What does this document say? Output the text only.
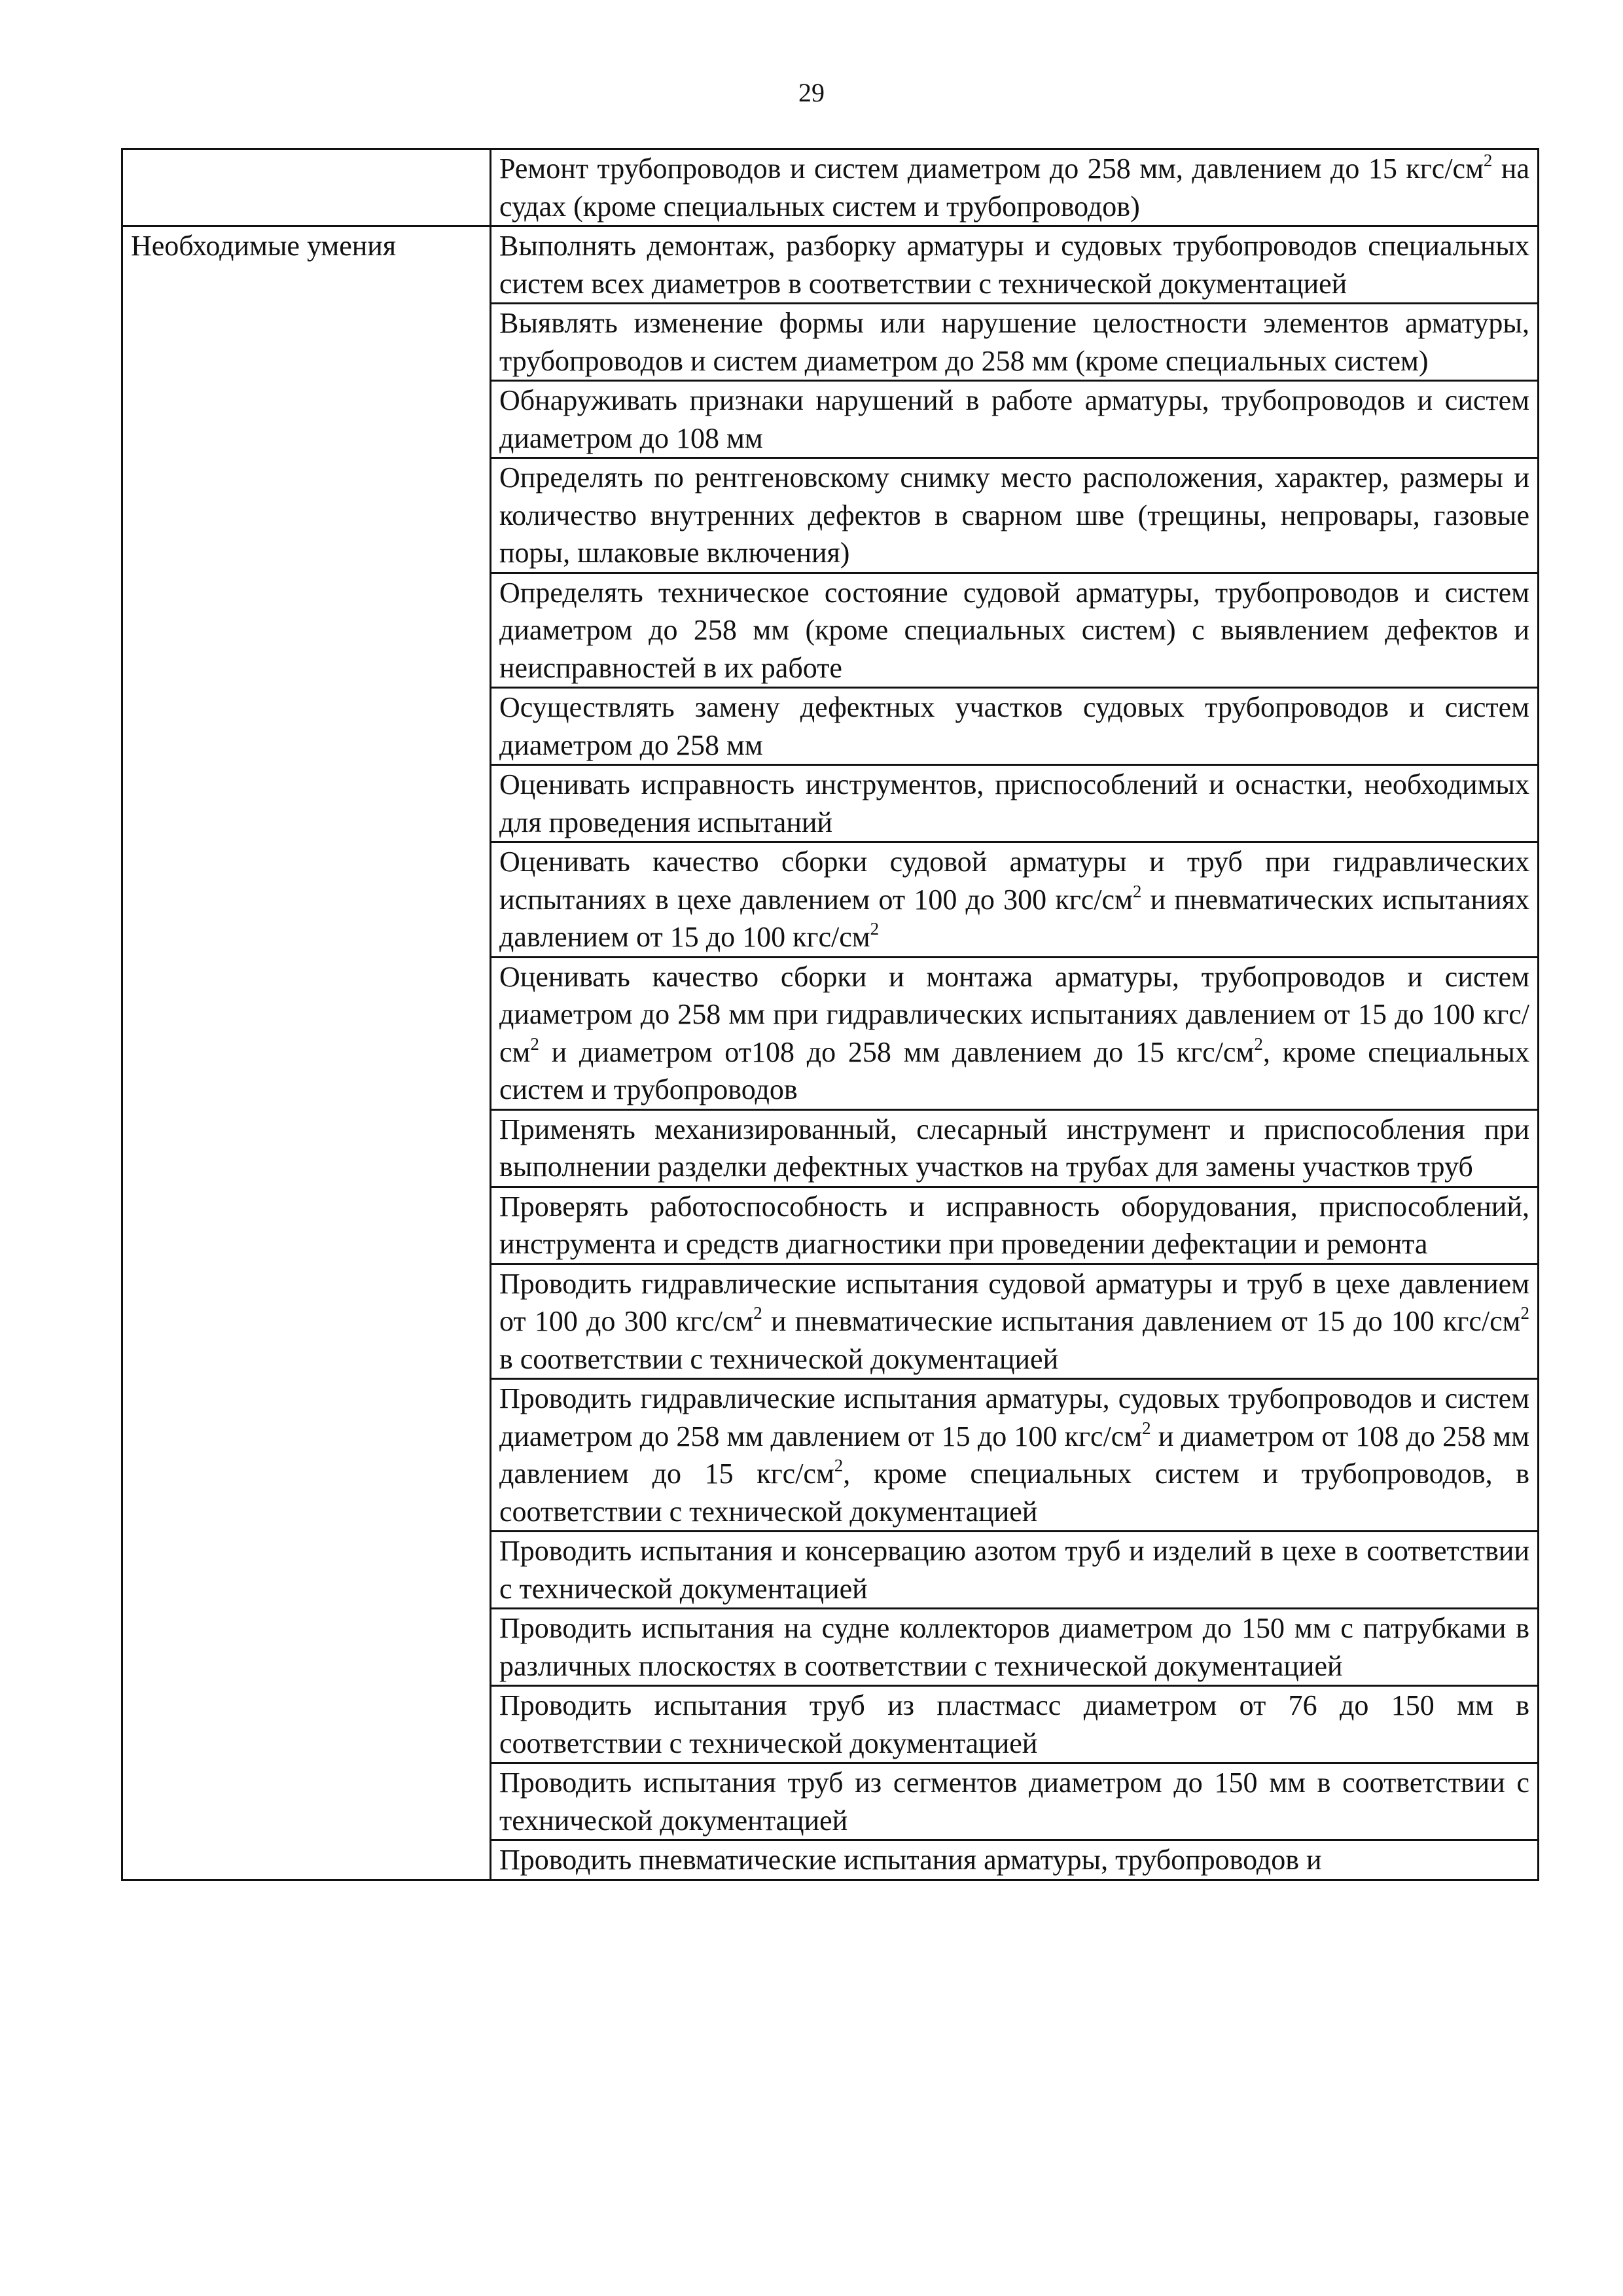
29
	Ремонт трубопроводов и систем диаметром до 258 мм, давлением до 15 кгс/$см^2$ на судах (кроме специальных систем и трубопроводов)
Необходимые умения	Выполнять демонтаж, разборку арматуры и судовых трубопроводов специальных систем всех диаметров в соответствии с технической документацией
	Выявлять изменение формы или нарушение целостности элементов арматуры, трубопроводов и систем диаметром до 258 мм (кроме специальных систем)
	Обнаруживать признаки нарушений в работе арматуры, трубопроводов и систем диаметром до 108 мм
	Определять по рентгеновскому снимку место расположения, характер, размеры и количество внутренних дефектов в сварном шве (трещины, непровары, газовые поры, шлаковые включения)
	Определять техническое состояние судовой арматуры, трубопроводов и систем диаметром до 258 мм (кроме специальных систем) с выявлением дефектов и неисправностей в их работе
	Осуществлять замену дефектных участков судовых трубопроводов и систем диаметром до 258 мм
	Оценивать исправность инструментов, приспособлений и оснастки, необходимых для проведения испытаний
	Оценивать качество сборки судовой арматуры и труб при гидравлических испытаниях в цехе давлением от 100 до 300 кгс/$см^2$ и пневматических испытаниях давлением от 15 до 100 кгс/$см^2$
	Оценивать качество сборки и монтажа арматуры, трубопроводов и систем диаметром до 258 мм при гидравлических испытаниях давлением от 15 до 100 кгс/$см^2$ и диаметром от108 до 258 мм давлением до 15 кгс/$см^2$, кроме специальных систем и трубопроводов
	Применять механизированный, слесарный инструмент и приспособления при выполнении разделки дефектных участков на трубах для замены участков труб
	Проверять работоспособность и исправность оборудования, приспособлений, инструмента и средств диагностики при проведении дефектации и ремонта
	Проводить гидравлические испытания судовой арматуры и труб в цехе давлением от 100 до 300 кгс/$см^2$ и пневматические испытания давлением от 15 до 100 кгс/$см^2$ в соответствии с технической документацией
	Проводить гидравлические испытания арматуры, судовых трубопроводов и систем диаметром до 258 мм давлением от 15 до 100 кгс/$см^2$ и диаметром от 108 до 258 мм давлением до 15 кгс/$см^2$, кроме специальных систем и трубопроводов, в соответствии с технической документацией
	Проводить испытания и консервацию азотом труб и изделий в цехе в соответствии с технической документацией
	Проводить испытания на судне коллекторов диаметром до 150 мм с патрубками в различных плоскостях в соответствии с технической документацией
	Проводить испытания труб из пластмасс диаметром от 76 до 150 мм в соответствии с технической документацией
	Проводить испытания труб из сегментов диаметром до 150 мм в соответствии с технической документацией
	Проводить пневматические испытания арматуры, трубопроводов и
